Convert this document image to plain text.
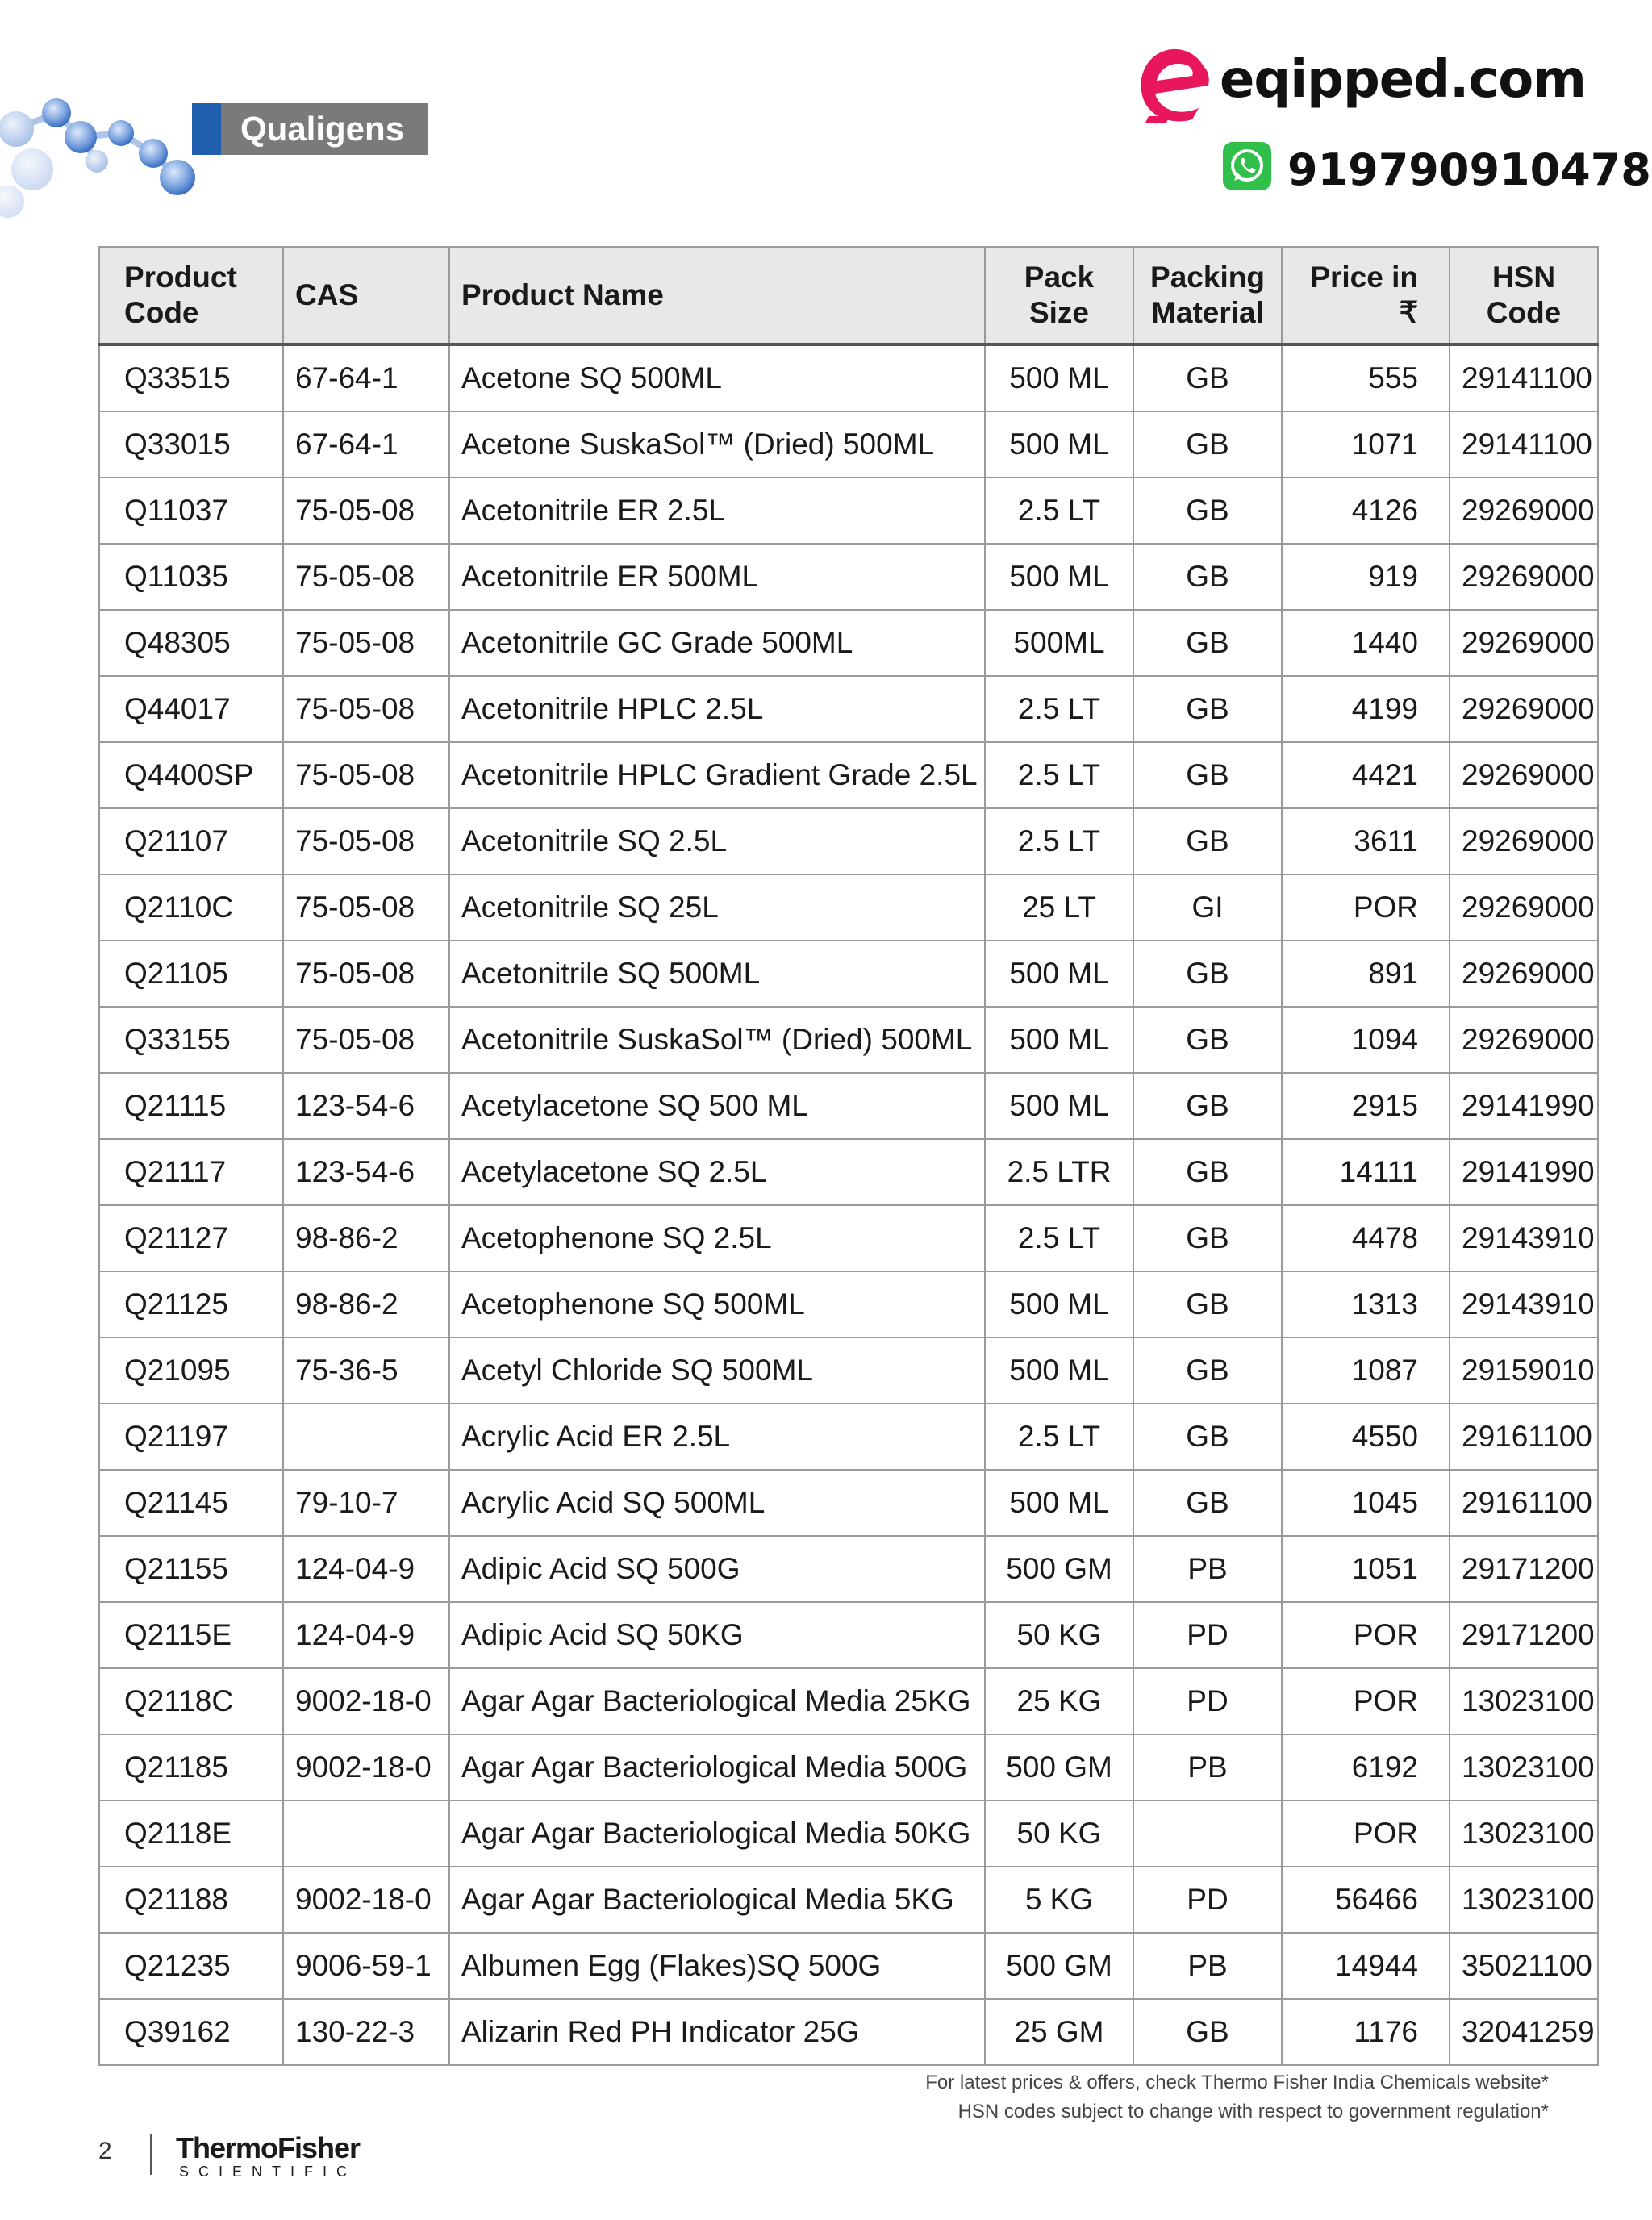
Qualigens
eqipped.com
919790910478
Product Code	CAS	Product Name	Pack Size	Packing Material	Price in ₹	HSN Code
Q33515	67-64-1	Acetone SQ 500ML	500 ML	GB	555	29141100
Q33015	67-64-1	Acetone SuskaSol™ (Dried) 500ML	500 ML	GB	1071	29141100
Q11037	75-05-08	Acetonitrile ER 2.5L	2.5 LT	GB	4126	29269000
Q11035	75-05-08	Acetonitrile ER 500ML	500 ML	GB	919	29269000
Q48305	75-05-08	Acetonitrile GC Grade 500ML	500ML	GB	1440	29269000
Q44017	75-05-08	Acetonitrile HPLC 2.5L	2.5 LT	GB	4199	29269000
Q4400SP	75-05-08	Acetonitrile HPLC Gradient Grade 2.5L	2.5 LT	GB	4421	29269000
Q21107	75-05-08	Acetonitrile SQ 2.5L	2.5 LT	GB	3611	29269000
Q2110C	75-05-08	Acetonitrile SQ 25L	25 LT	GI	POR	29269000
Q21105	75-05-08	Acetonitrile SQ 500ML	500 ML	GB	891	29269000
Q33155	75-05-08	Acetonitrile SuskaSol™ (Dried) 500ML	500 ML	GB	1094	29269000
Q21115	123-54-6	Acetylacetone SQ 500 ML	500 ML	GB	2915	29141990
Q21117	123-54-6	Acetylacetone SQ 2.5L	2.5 LTR	GB	14111	29141990
Q21127	98-86-2	Acetophenone SQ 2.5L	2.5 LT	GB	4478	29143910
Q21125	98-86-2	Acetophenone SQ 500ML	500 ML	GB	1313	29143910
Q21095	75-36-5	Acetyl Chloride SQ 500ML	500 ML	GB	1087	29159010
Q21197		Acrylic Acid ER 2.5L	2.5 LT	GB	4550	29161100
Q21145	79-10-7	Acrylic Acid SQ 500ML	500 ML	GB	1045	29161100
Q21155	124-04-9	Adipic Acid SQ 500G	500 GM	PB	1051	29171200
Q2115E	124-04-9	Adipic Acid SQ 50KG	50 KG	PD	POR	29171200
Q2118C	9002-18-0	Agar Agar Bacteriological Media 25KG	25 KG	PD	POR	13023100
Q21185	9002-18-0	Agar Agar Bacteriological Media 500G	500 GM	PB	6192	13023100
Q2118E		Agar Agar Bacteriological Media 50KG	50 KG		POR	13023100
Q21188	9002-18-0	Agar Agar Bacteriological Media 5KG	5 KG	PD	56466	13023100
Q21235	9006-59-1	Albumen Egg (Flakes)SQ 500G	500 GM	PB	14944	35021100
Q39162	130-22-3	Alizarin Red PH Indicator 25G	25 GM	GB	1176	32041259
For latest prices & offers, check Thermo Fisher India Chemicals website*
HSN codes subject to change with respect to government regulation*
2 ThermoFisher
SCIENTIFIC
